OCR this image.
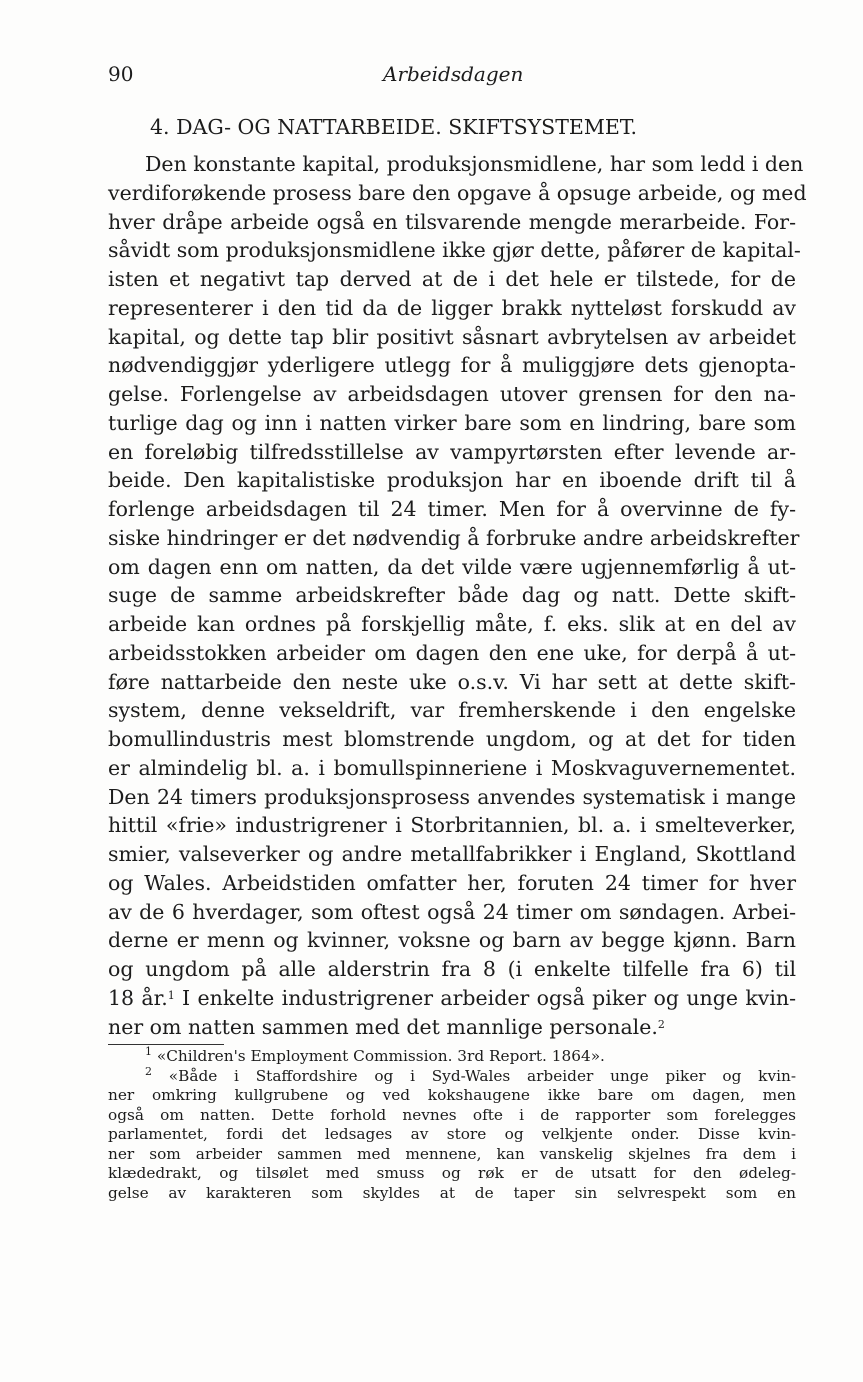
90	Arbeidsdagen
4. DAG- OG NATTARBEIDE. SKIFTSYSTEMET.
Den konstante kapital, produksjonsmidlene, har som ledd i den
verdiforøkende prosess bare den opgave å opsuge arbeide, og med
hver dråpe arbeide også en tilsvarende mengde merarbeide. For-
såvidt som produksjonsmidlene ikke gjør dette, påfører de kapital-
isten et negativt tap derved at de i det hele er tilstede, for de
representerer i den tid da de ligger brakk nytteløst forskudd av
kapital, og dette tap blir positivt såsnart avbrytelsen av arbeidet
nødvendiggjør yderligere utlegg for å muliggjøre dets gjenopta-
gelse. Forlengelse av arbeidsdagen utover grensen for den na-
turlige dag og inn i natten virker bare som en lindring, bare som
en foreløbig tilfredsstillelse av vampyrtørsten efter levende ar-
beide. Den kapitalistiske produksjon har en iboende drift til å
forlenge arbeidsdagen til 24 timer. Men for å overvinne de fy-
siske hindringer er det nødvendig å forbruke andre arbeidskrefter
om dagen enn om natten, da det vilde være ugjennemførlig å ut-
suge de samme arbeidskrefter både dag og natt. Dette skift-
arbeide kan ordnes på forskjellig måte, f. eks. slik at en del av
arbeidsstokken arbeider om dagen den ene uke, for derpå å ut-
føre nattarbeide den neste uke o.s.v. Vi har sett at dette skift-
system, denne vekseldrift, var fremherskende i den engelske
bomullindustris mest blomstrende ungdom, og at det for tiden
er almindelig bl. a. i bomullspinneriene i Moskvaguvernementet.
Den 24 timers produksjonsprosess anvendes systematisk i mange
hittil «frie» industrigrener i Storbritannien, bl. a. i smelteverker,
smier, valseverker og andre metallfabrikker i England, Skottland
og Wales. Arbeidstiden omfatter her, foruten 24 timer for hver
av de 6 hverdager, som oftest også 24 timer om søndagen. Arbei-
derne er menn og kvinner, voksne og barn av begge kjønn. Barn
og ungdom på alle alderstrin fra 8 (i enkelte tilfelle fra 6) til
18 år.$^1$ I enkelte industrigrener arbeider også piker og unge kvin-
ner om natten sammen med det mannlige personale.$^2$
$^1$ «Children's Employment Commission. 3rd Report. 1864».
$^2$ «Både i Staffordshire og i Syd-Wales arbeider unge piker og kvin-
ner omkring kullgrubene og ved kokshaugene ikke bare om dagen, men
også om natten. Dette forhold nevnes ofte i de rapporter som forelegges
parlamentet, fordi det ledsages av store og velkjente onder. Disse kvin-
ner som arbeider sammen med mennene, kan vanskelig skjelnes fra dem i
klædedrakt, og tilsølet med smuss og røk er de utsatt for den ødeleg-
gelse av karakteren som skyldes at de taper sin selvrespekt som en
